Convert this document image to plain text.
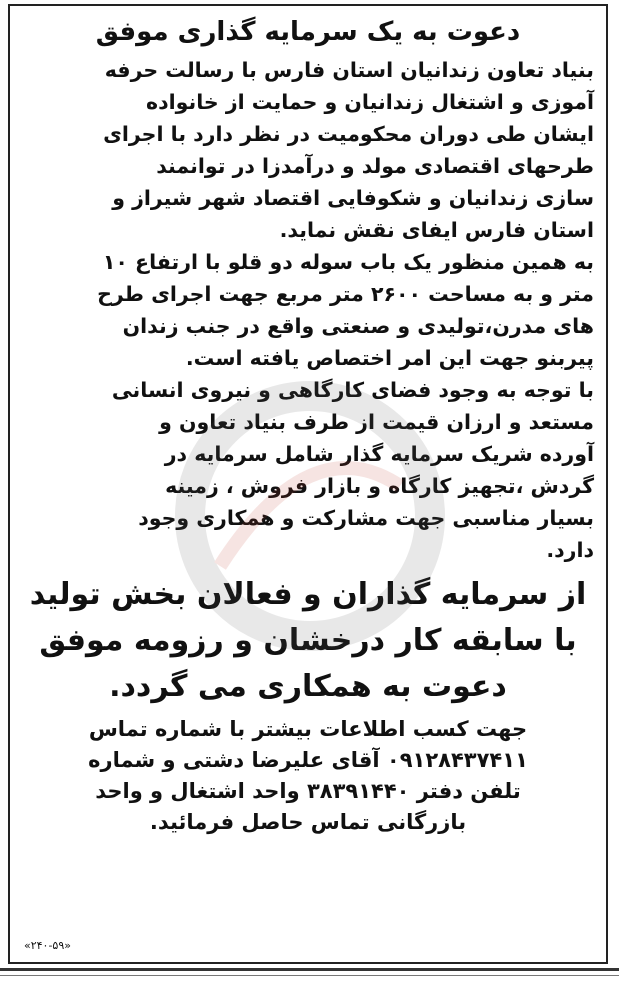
دعوت به یک سرمایه گذاری موفق

بنیاد تعاون زندانیان استان فارس با رسالت حرفه
آموزی و اشتغال زندانیان و حمایت از خانواده
ایشان طی دوران محکومیت در نظر دارد با اجرای
طرحهای اقتصادی مولد و درآمدزا در توانمند
سازی زندانیان و شکوفایی اقتصاد شهر شیراز و
استان فارس ایفای نقش نماید.

به همین منظور یک باب سوله دو قلو با ارتفاع ۱۰
متر و به مساحت ۲۶۰۰ متر مربع جهت اجرای طرح
های مدرن،تولیدی و صنعتی واقع در جنب زندان
پیربنو جهت این امر اختصاص یافته است.

با توجه به وجود فضای کارگاهی و نیروی انسانی
مستعد و ارزان قیمت از طرف بنیاد تعاون و
آورده شریک سرمایه گذار شامل سرمایه در
گردش ،تجهیز کارگاه و بازار فروش ، زمینه
بسیار مناسبی جهت مشارکت و همکاری وجود
دارد.

از سرمایه گذاران و فعالان بخش تولید
با سابقه کار درخشان و رزومه موفق
دعوت به همکاری می گردد.

جهت کسب اطلاعات بیشتر با شماره تماس
۰۹۱۲۸۴۳۷۴۱۱ آقای علیرضا دشتی و شماره
تلفن دفتر ۳۸۳۹۱۴۴۰ واحد اشتغال و واحد
بازرگانی تماس حاصل فرمائید.

«۲۴۰-۵۹»
